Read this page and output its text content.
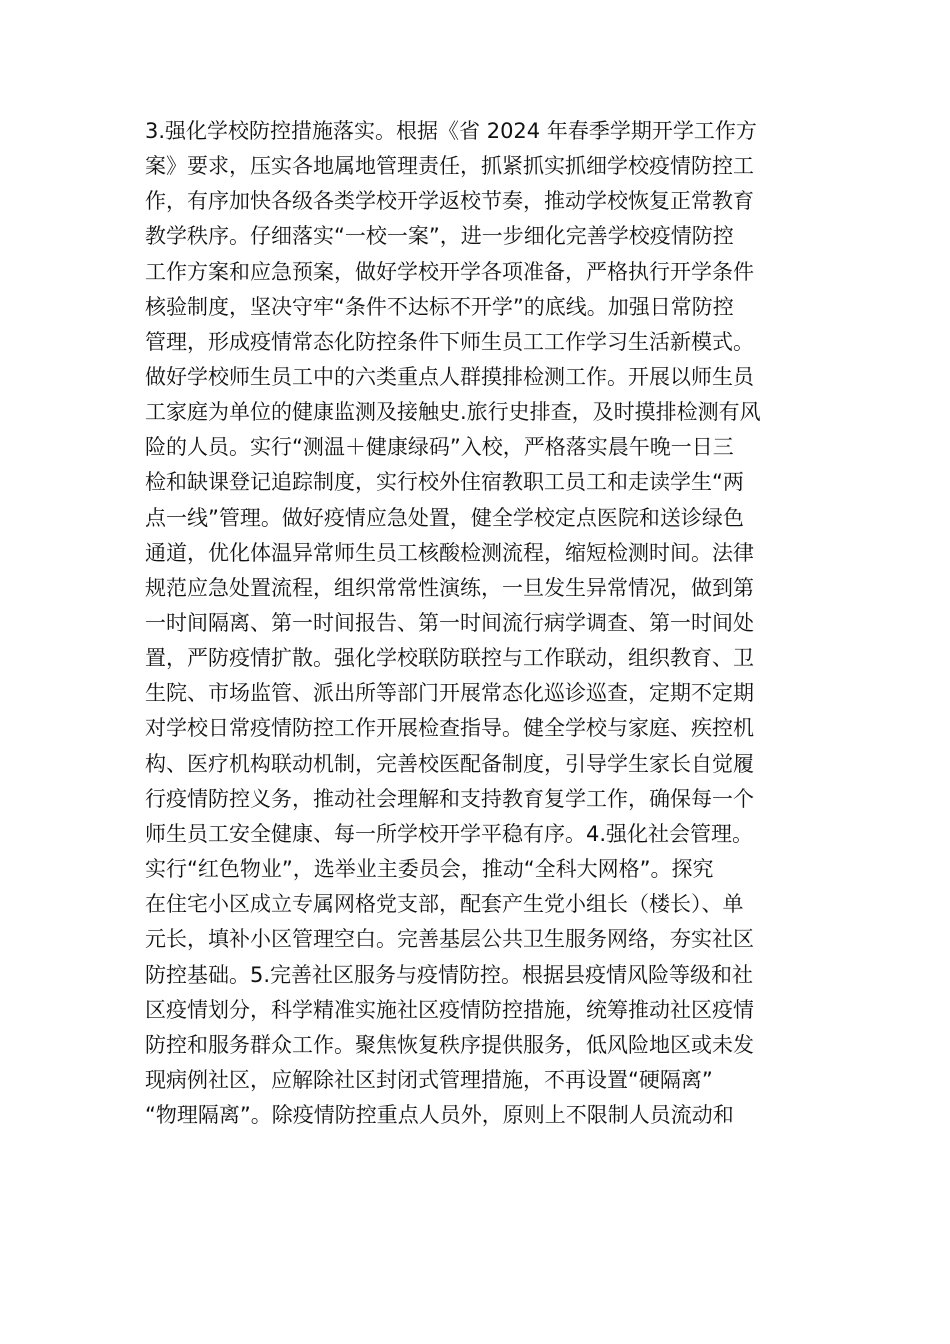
3.强化学校防控措施落实。根据《省 2024 年春季学期开学工作方
案》要求，压实各地属地管理责任，抓紧抓实抓细学校疫情防控工
作，有序加快各级各类学校开学返校节奏，推动学校恢复正常教育
教学秩序。仔细落实“一校一案”，进一步细化完善学校疫情防控
工作方案和应急预案，做好学校开学各项准备，严格执行开学条件
核验制度，坚决守牢“条件不达标不开学”的底线。加强日常防控
管理，形成疫情常态化防控条件下师生员工工作学习生活新模式。
做好学校师生员工中的六类重点人群摸排检测工作。开展以师生员
工家庭为单位的健康监测及接触史.旅行史排查，及时摸排检测有风
险的人员。实行“测温＋健康绿码”入校，严格落实晨午晚一日三
检和缺课登记追踪制度，实行校外住宿教职工员工和走读学生“两
点一线”管理。做好疫情应急处置，健全学校定点医院和送诊绿色
通道，优化体温异常师生员工核酸检测流程，缩短检测时间。法律
规范应急处置流程，组织常常性演练，一旦发生异常情况，做到第
一时间隔离、第一时间报告、第一时间流行病学调查、第一时间处
置，严防疫情扩散。强化学校联防联控与工作联动，组织教育、卫
生院、市场监管、派出所等部门开展常态化巡诊巡查，定期不定期
对学校日常疫情防控工作开展检查指导。健全学校与家庭、疾控机
构、医疗机构联动机制，完善校医配备制度，引导学生家长自觉履
行疫情防控义务，推动社会理解和支持教育复学工作，确保每一个
师生员工安全健康、每一所学校开学平稳有序。4.强化社会管理。
实行“红色物业”，选举业主委员会，推动“全科大网格”。探究
在住宅小区成立专属网格党支部，配套产生党小组长（楼长）、单
元长，填补小区管理空白。完善基层公共卫生服务网络，夯实社区
防控基础。5.完善社区服务与疫情防控。根据县疫情风险等级和社
区疫情划分，科学精准实施社区疫情防控措施，统筹推动社区疫情
防控和服务群众工作。聚焦恢复秩序提供服务，低风险地区或未发
现病例社区，应解除社区封闭式管理措施，不再设置“硬隔离”
“物理隔离”。除疫情防控重点人员外，原则上不限制人员流动和
